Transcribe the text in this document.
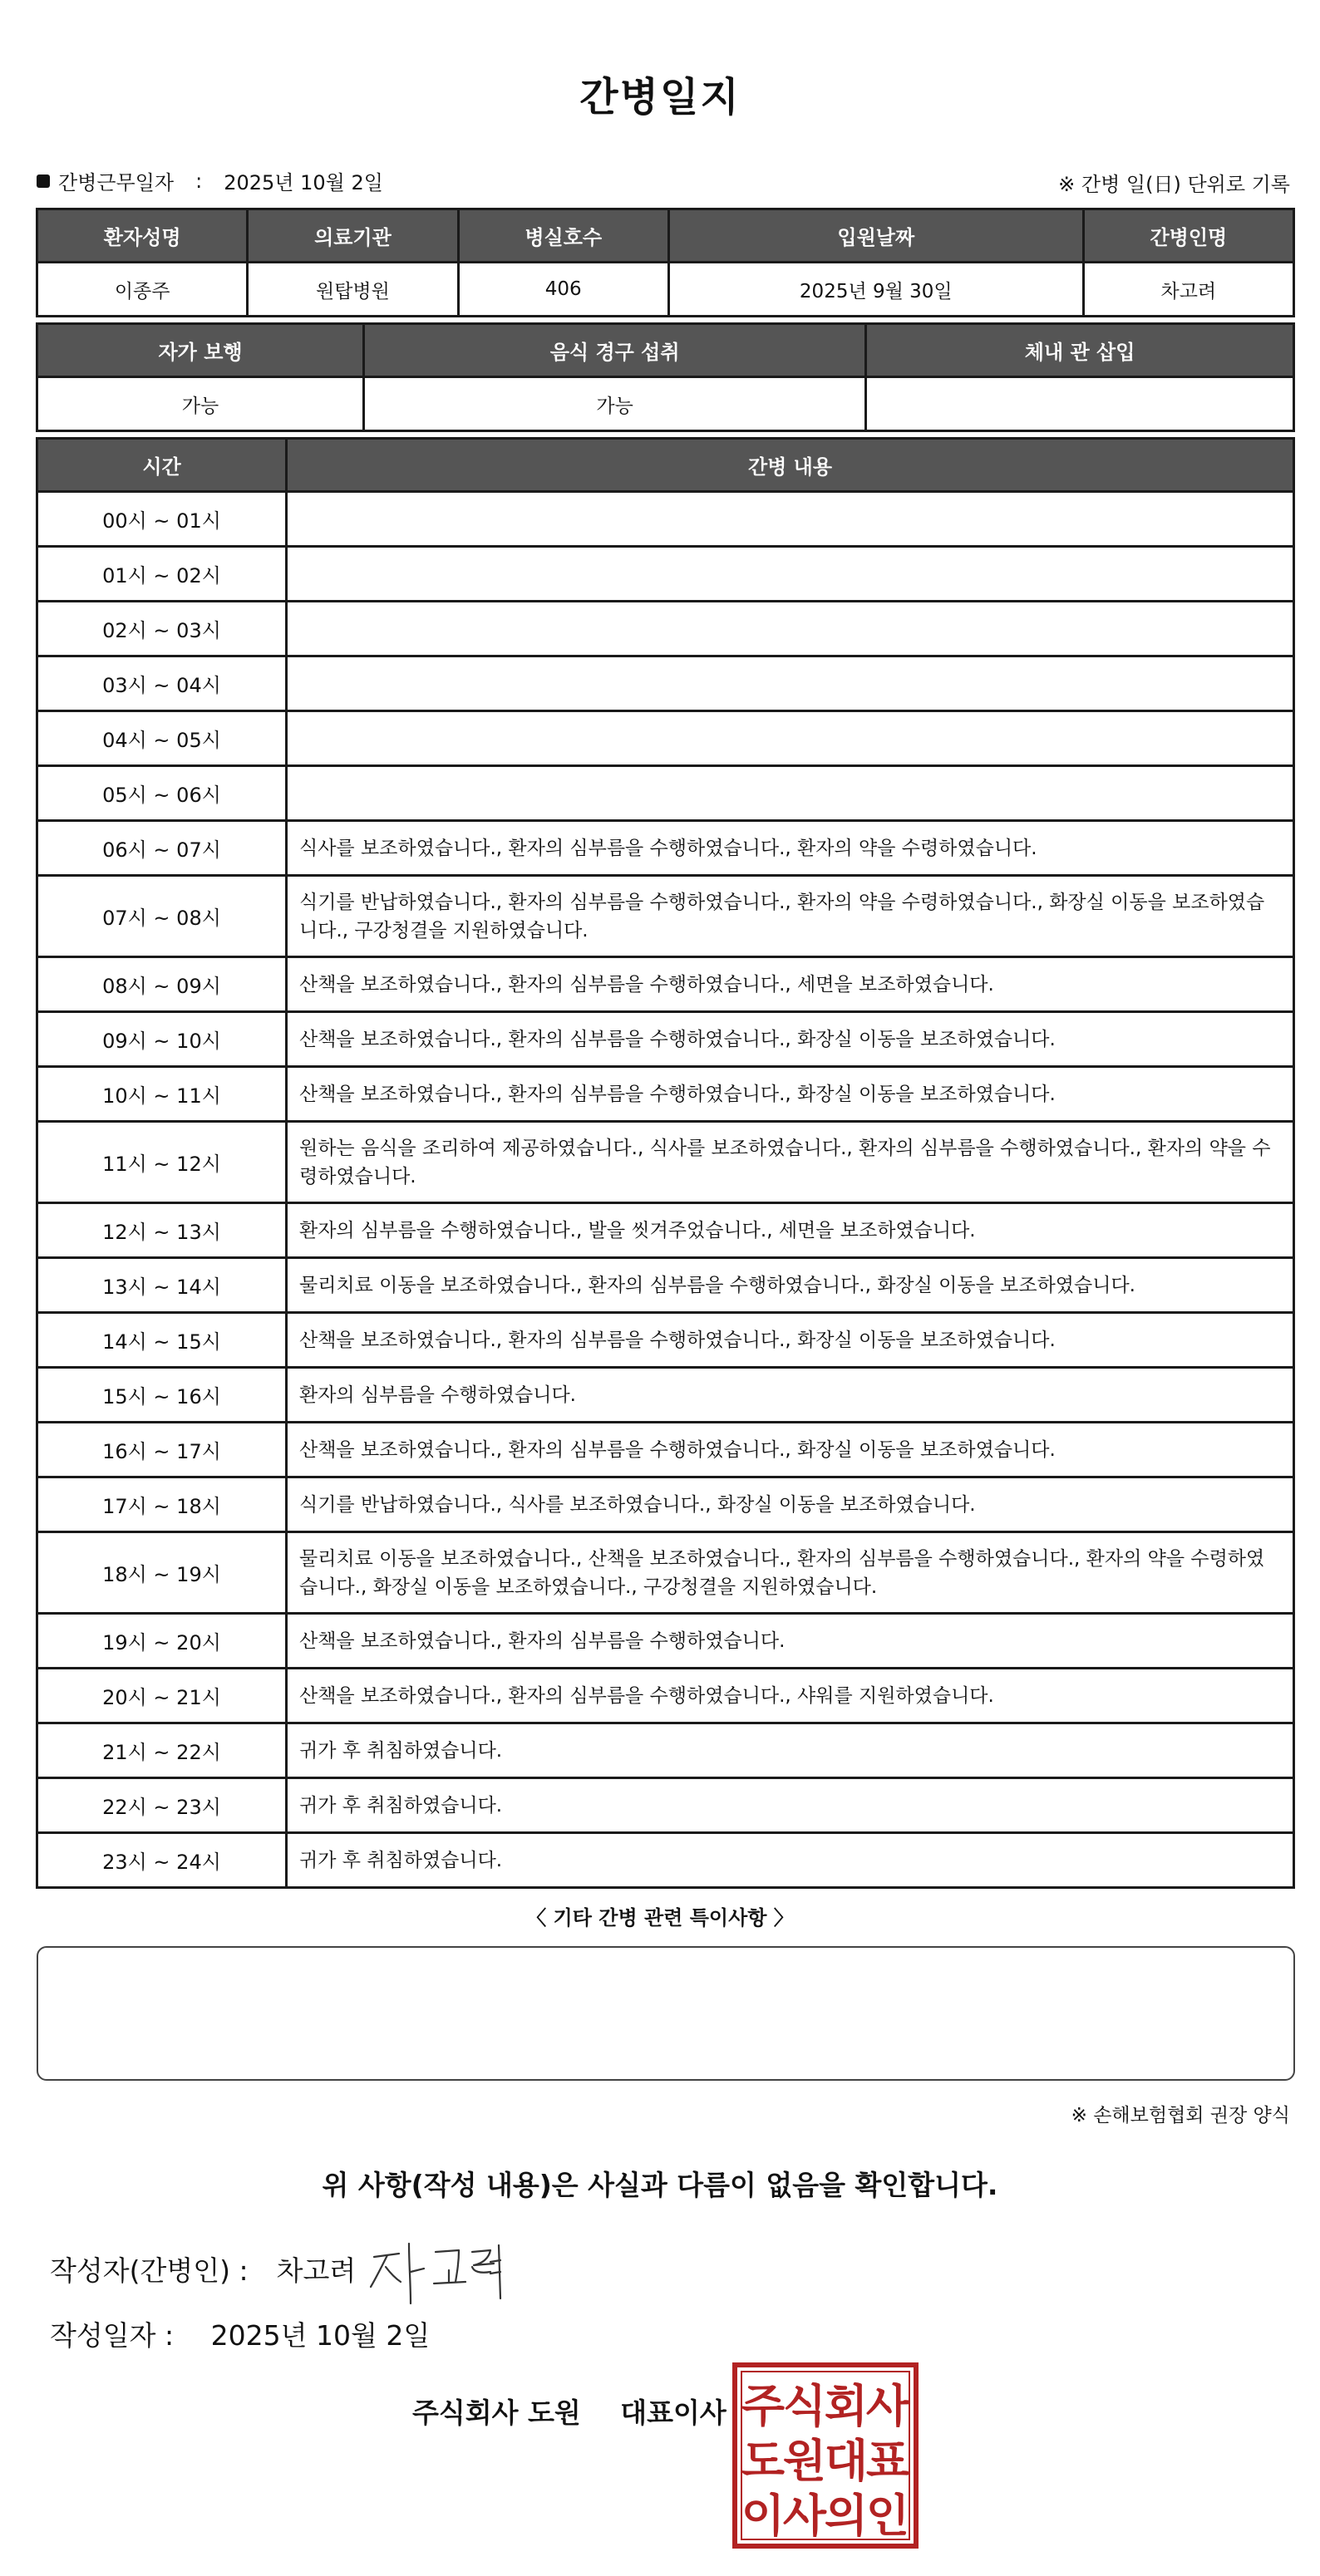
간병일지
간병근무일자 : 2025년 10월 2일	※ 간병 일(日) 단위로 기록
환자성명	의료기관	병실호수	입원날짜	간병인명
이종주	원탑병원	406	2025년 9월 30일	차고려
자가 보행	음식 경구 섭취	체내 관 삽입
가능	가능	
시간	간병 내용
00시 ~ 01시	
01시 ~ 02시	
02시 ~ 03시	
03시 ~ 04시	
04시 ~ 05시	
05시 ~ 06시	
06시 ~ 07시	식사를 보조하였습니다., 환자의 심부름을 수행하였습니다., 환자의 약을 수령하였습니다.
07시 ~ 08시	식기를 반납하였습니다., 환자의 심부름을 수행하였습니다., 환자의 약을 수령하였습니다., 화장실 이동을 보조하였습니다., 구강청결을 지원하였습니다.
08시 ~ 09시	산책을 보조하였습니다., 환자의 심부름을 수행하였습니다., 세면을 보조하였습니다.
09시 ~ 10시	산책을 보조하였습니다., 환자의 심부름을 수행하였습니다., 화장실 이동을 보조하였습니다.
10시 ~ 11시	산책을 보조하였습니다., 환자의 심부름을 수행하였습니다., 화장실 이동을 보조하였습니다.
11시 ~ 12시	원하는 음식을 조리하여 제공하였습니다., 식사를 보조하였습니다., 환자의 심부름을 수행하였습니다., 환자의 약을 수령하였습니다.
12시 ~ 13시	환자의 심부름을 수행하였습니다., 발을 씻겨주었습니다., 세면을 보조하였습니다.
13시 ~ 14시	물리치료 이동을 보조하였습니다., 환자의 심부름을 수행하였습니다., 화장실 이동을 보조하였습니다.
14시 ~ 15시	산책을 보조하였습니다., 환자의 심부름을 수행하였습니다., 화장실 이동을 보조하였습니다.
15시 ~ 16시	환자의 심부름을 수행하였습니다.
16시 ~ 17시	산책을 보조하였습니다., 환자의 심부름을 수행하였습니다., 화장실 이동을 보조하였습니다.
17시 ~ 18시	식기를 반납하였습니다., 식사를 보조하였습니다., 화장실 이동을 보조하였습니다.
18시 ~ 19시	물리치료 이동을 보조하였습니다., 산책을 보조하였습니다., 환자의 심부름을 수행하였습니다., 환자의 약을 수령하였습니다., 화장실 이동을 보조하였습니다., 구강청결을 지원하였습니다.
19시 ~ 20시	산책을 보조하였습니다., 환자의 심부름을 수행하였습니다.
20시 ~ 21시	산책을 보조하였습니다., 환자의 심부름을 수행하였습니다., 샤워를 지원하였습니다.
21시 ~ 22시	귀가 후 취침하였습니다.
22시 ~ 23시	귀가 후 취침하였습니다.
23시 ~ 24시	귀가 후 취침하였습니다.
〈 기타 간병 관련 특이사항 〉
※ 손해보험협회 권장 양식
위 사항(작성 내용)은 사실과 다름이 없음을 확인합니다.
작성자(간병인) : 차고려
작성일자 : 2025년 10월 2일
주식회사 도원 대표이사 주
식
회
사
도
원
대
표
이
사
의
인
